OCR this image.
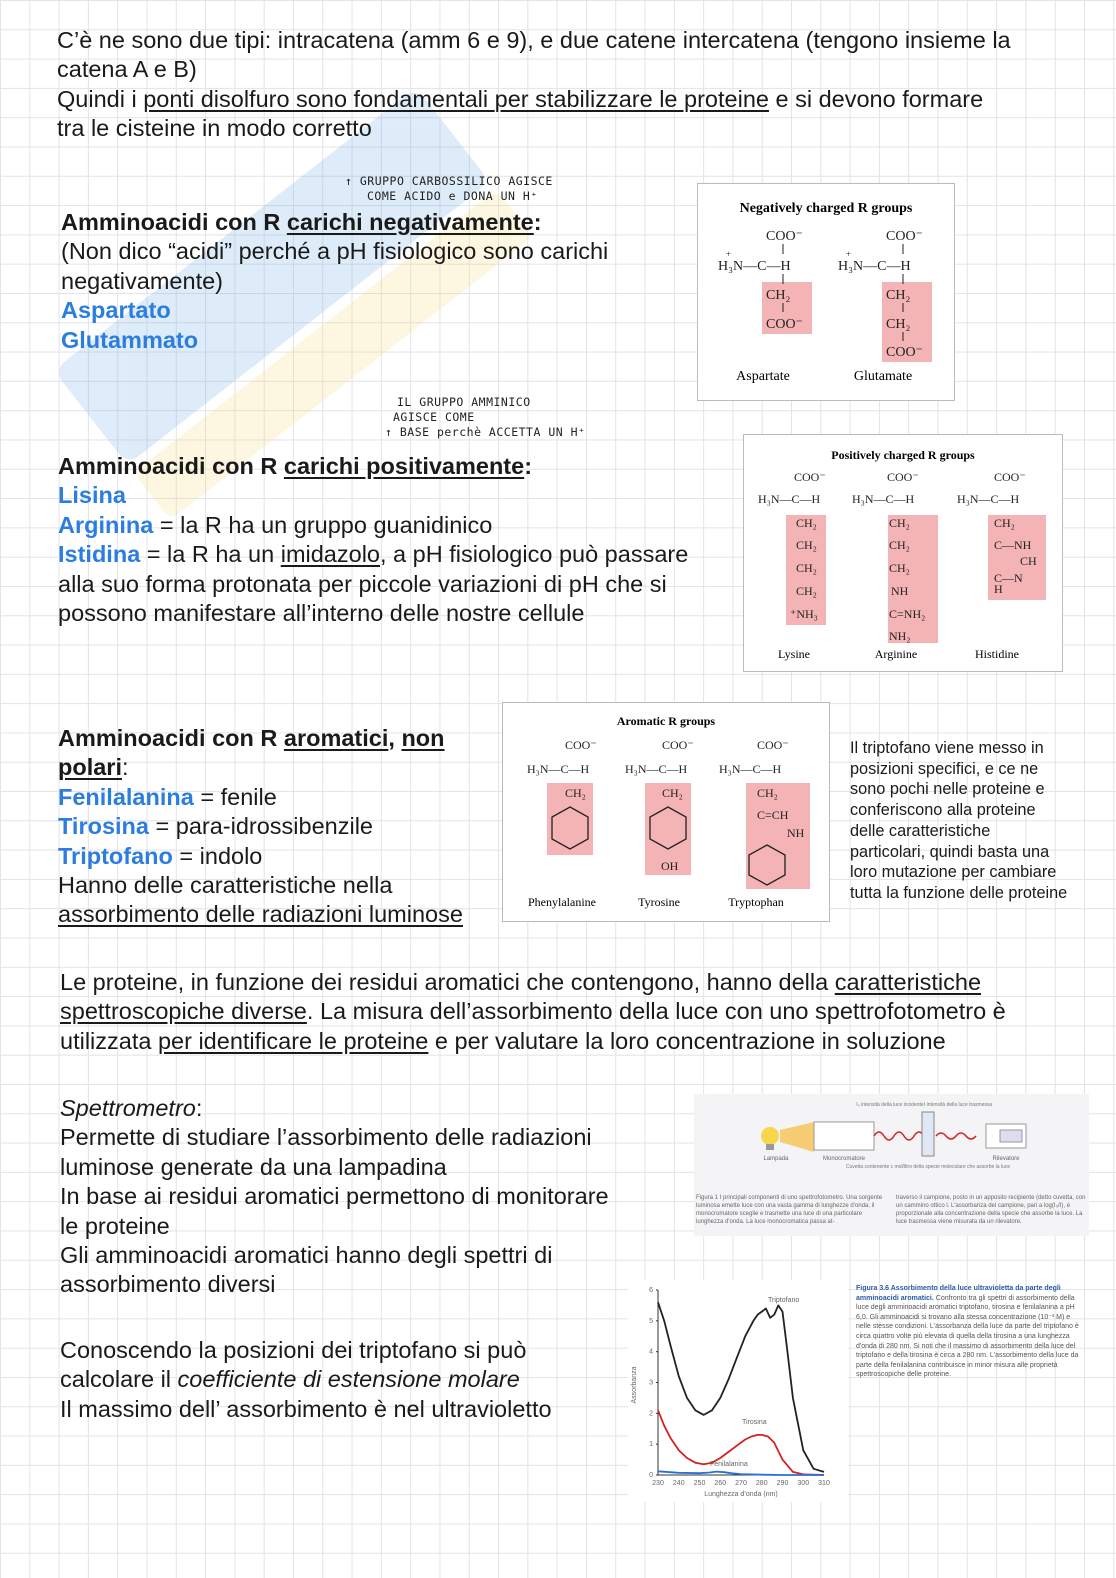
C’è ne sono due tipi: intracatena (amm 6 e 9), e due catene intercatena (tengono insieme la
catena A e B)
Quindi i ponti disolfuro sono fondamentali per stabilizzare le proteine e si devono formare
tra le cisteine in modo corretto
↑ GRUPPO CARBOSSILICO AGISCE
COME ACIDO e DONA UN H⁺
Amminoacidi con R carichi negativamente:
(Non dico “acidi” perché a pH fisiologico sono carichi
negativamente)
Aspartato
Glutammato
Negatively charged R groups
COO⁻
H₃N—C—H
+
CH₂
COO⁻
COO⁻
H₃N—C—H
+
CH₂
CH₂
COO⁻
Aspartate	Glutamate
IL GRUPPO AMMINICO
AGISCE COME
↑ BASE perchè ACCETTA UN H⁺
Amminoacidi con R carichi positivamente:
Lisina
Arginina = la R ha un gruppo guanidinico
Istidina = la R ha un imidazolo, a pH fisiologico può passare
alla suo forma protonata per piccole variazioni di pH che si
possono manifestare all’interno delle nostre cellule
Positively charged R groups
COO⁻
H₃N—C—H
CH₂
CH₂
CH₂
CH₂
⁺NH₃
COO⁻
H₃N—C—H
CH₂
CH₂
CH₂
NH
C=NH₂
NH₂
COO⁻
H₃N—C—H
CH₂
C—NH
CH
C—N
H
Lysine	Arginine	Histidine
Amminoacidi con R aromatici, non polari:
Fenilalanina = fenile
Tirosina = para-idrossibenzile
Triptofano = indolo
Hanno delle caratteristiche nella
assorbimento delle radiazioni luminose
Aromatic R groups
COO⁻
H₃N—C—H
CH₂
COO⁻
H₃N—C—H
CH₂
OH
COO⁻
H₃N—C—H
CH₂
C=CH
NH
Phenylalanine	Tyrosine	Tryptophan
Il triptofano viene messo in
posizioni specifici, e ce ne
sono pochi nelle proteine e
conferiscono alla proteine
delle caratteristiche
particolari, quindi basta una
loro mutazione per cambiare
tutta la funzione delle proteine
Le proteine, in funzione dei residui aromatici che contengono, hanno della caratteristiche
spettroscopiche diverse. La misura dell’assorbimento della luce con uno spettrofotometro è
utilizzata per identificare le proteine e per valutare la loro concentrazione in soluzione
Spettrometro:
Permette di studiare l’assorbimento delle radiazioni
luminose generate da una lampadina
In base ai residui aromatici permettono di monitorare
le proteine
Gli amminoacidi aromatici hanno degli spettri di
assorbimento diversi
Conoscendo la posizioni dei triptofano si può
calcolare il coefficiente di estensione molare
Il massimo dell’ assorbimento è nel ultravioletto
Lampada	Monocromatore	Rilevatore
I₀ intensità della luce incidente I intensità della luce trasmessa
Cuvetta contenente c mol/litro della specie molecolare che assorbe la luce
Figura 1 I principali componenti di uno spettrofotometro. Una sorgente luminosa emette luce con una vasta gamma di lunghezze d'onda; il monocromatore sceglie e trasmette una luce di una particolare lunghezza d'onda. La luce monocromatica passa at-
traverso il campione, posto in un apposito recipiente (detto cuvetta, con un cammino ottico l. L'assorbanza del campione, pari a log(I₀/I), è proporzionale alla concentrazione della specie che assorbe la luce. La luce trasmessa viene misurata da un rilevatore.
230 240 250 260 270 280 290 300 310
0
1
2
3
4
5
6
Assorbanza
Lunghezza d’onda (nm)
Triptofano
Tirosina
Fenilalanina
Figura 3.6 Assorbimento della luce ultravioletta da parte degli amminoacidi aromatici. Confronto tra gli spettri di assorbimento della luce degli amminoacidi aromatici triptofano, tirosina e fenilalanina a pH 6,0. Gli amminoacidi si trovano alla stessa concentrazione (10⁻³ M) e nelle stesse condizioni. L'assorbanza della luce da parte del triptofano è circa quattro volte più elevata di quella della tirosina a una lunghezza d'onda di 280 nm. Si noti che il massimo di assorbimento della luce del triptofano e della tirosina è circa a 280 nm. L'assorbimento della luce da parte della fenilalanina contribuisce in minor misura alle proprietà spettroscopiche delle proteine.
